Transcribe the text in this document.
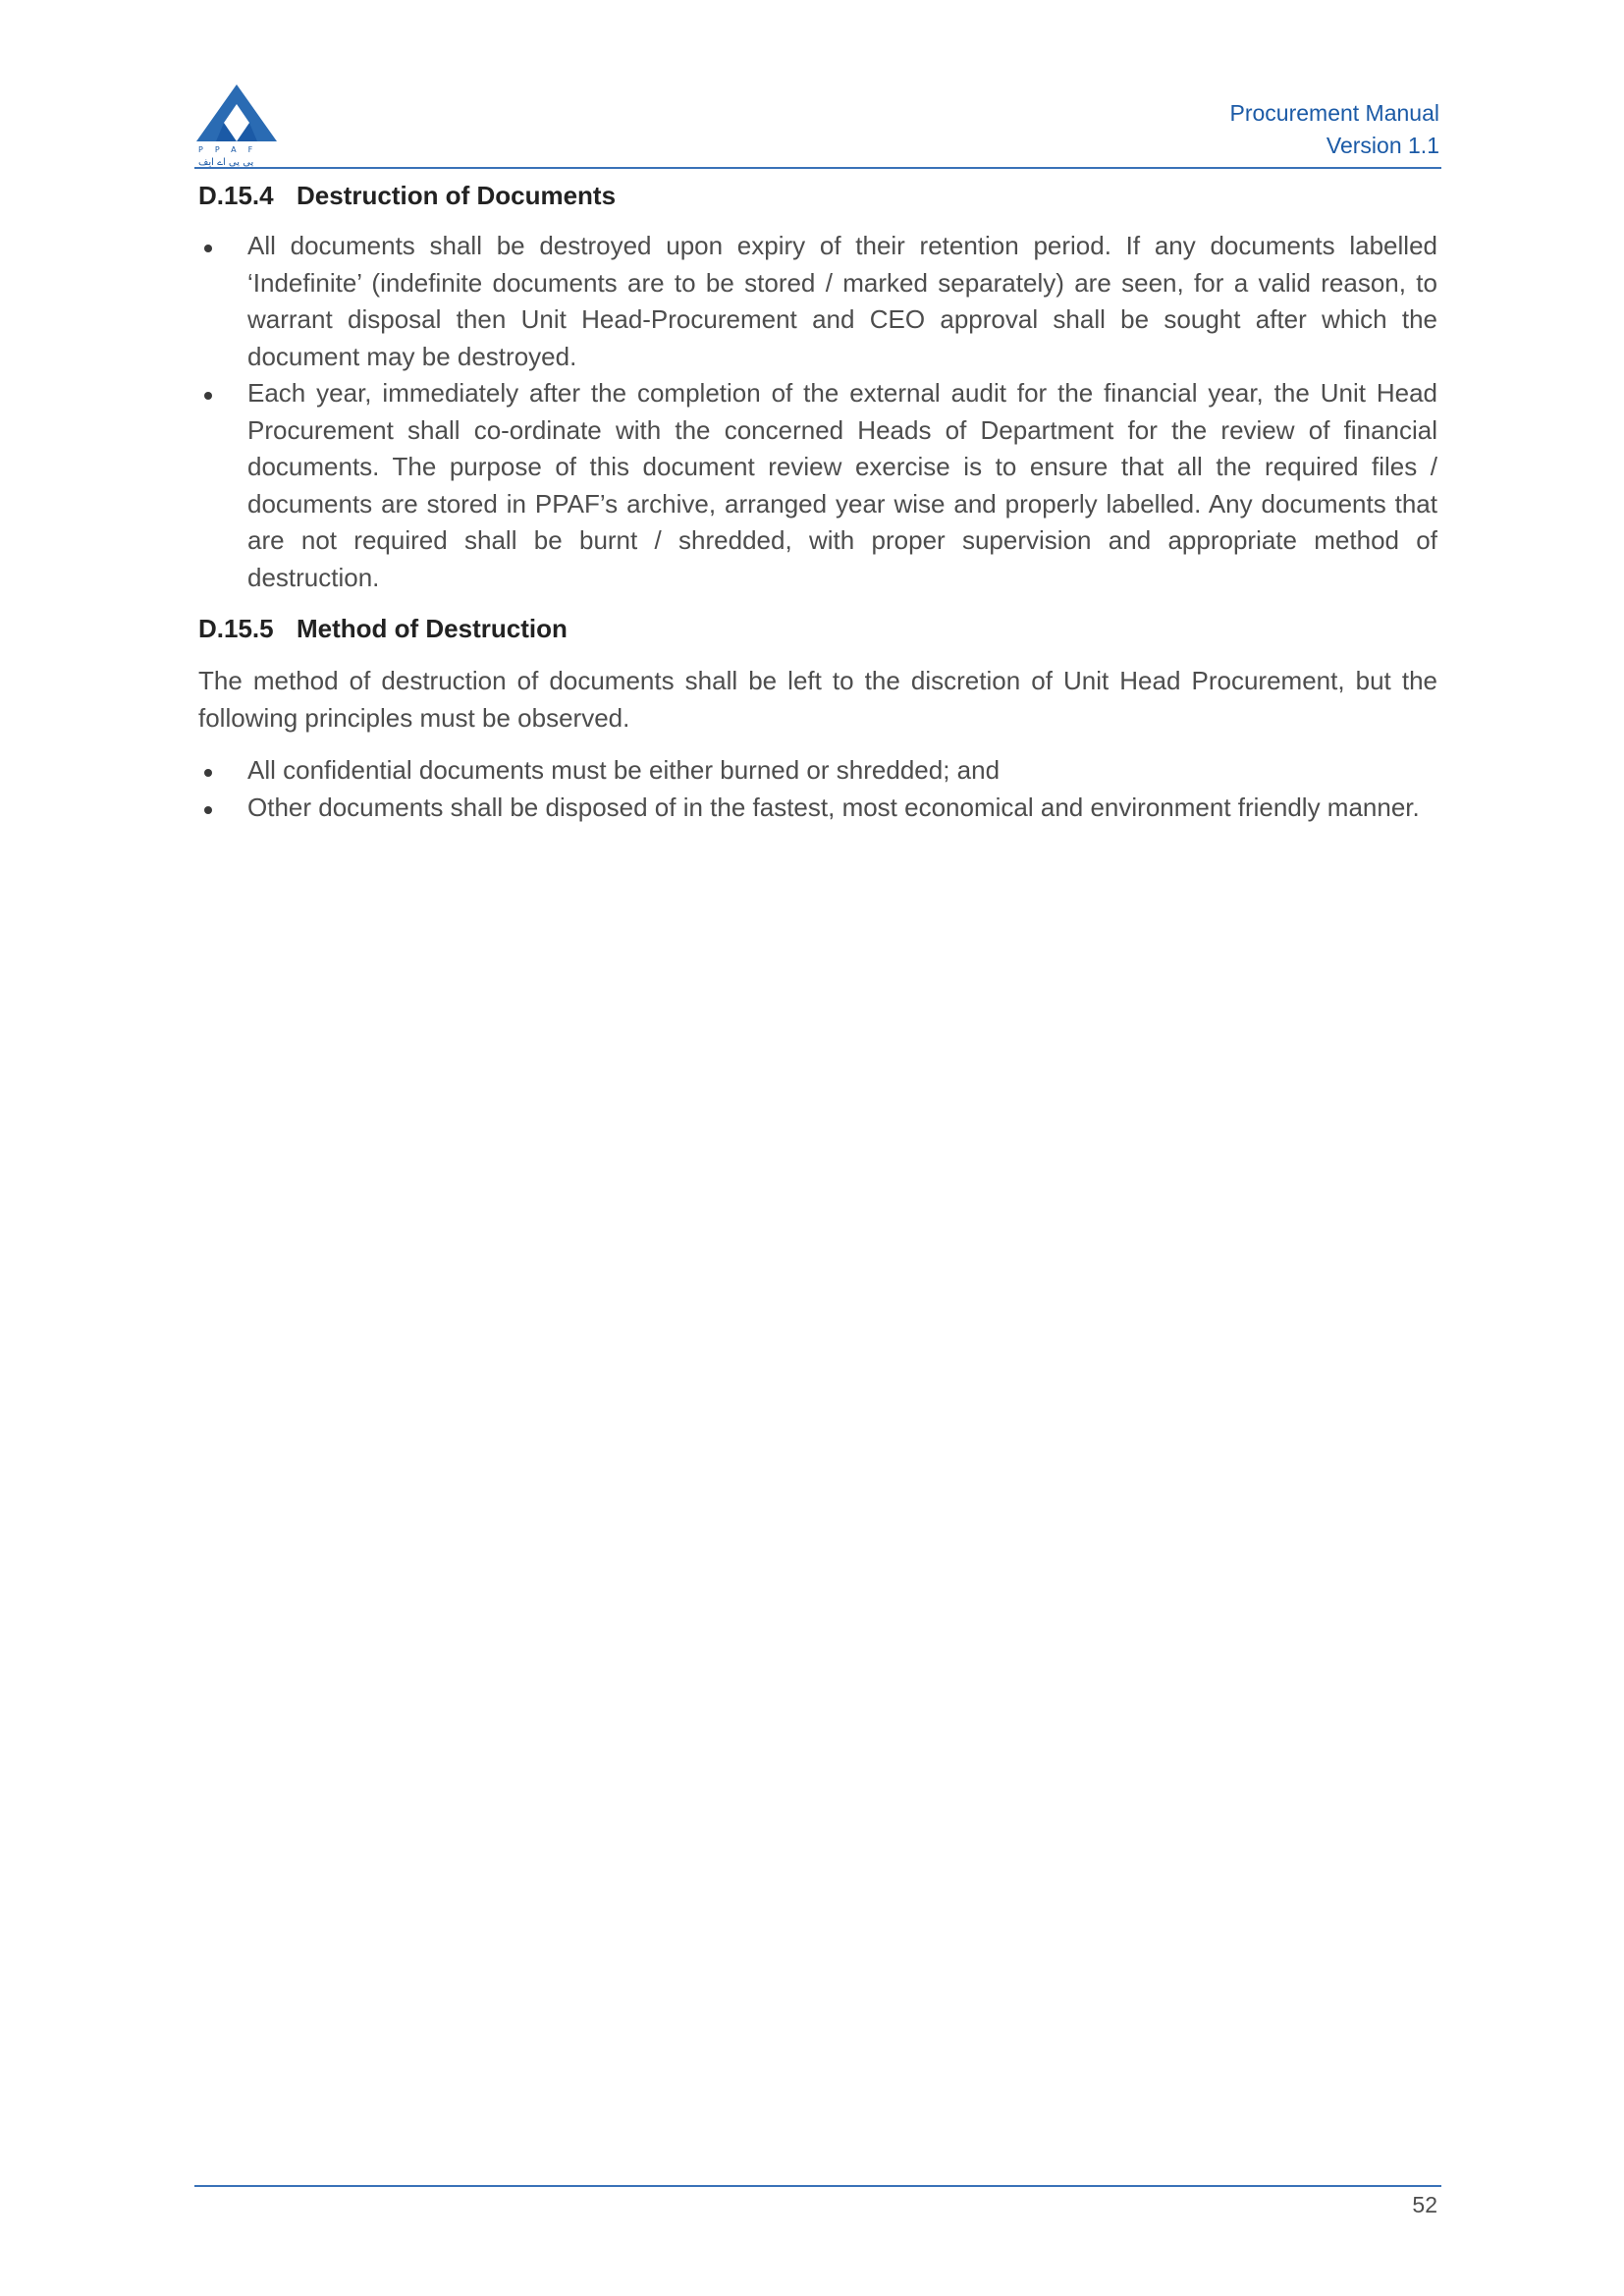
PPAF
پی پی اے ایف
Procurement Manual
Version 1.1
D.15.4 Destruction of Documents
All documents shall be destroyed upon expiry of their retention period. If any documents labelled ‘Indefinite’ (indefinite documents are to be stored / marked separately) are seen, for a valid reason, to warrant disposal then Unit Head-Procurement and CEO approval shall be sought after which the document may be destroyed.
Each year, immediately after the completion of the external audit for the financial year, the Unit Head Procurement shall co-ordinate with the concerned Heads of Department for the review of financial documents. The purpose of this document review exercise is to ensure that all the required files / documents are stored in PPAF’s archive, arranged year wise and properly labelled. Any documents that are not required shall be burnt / shredded, with proper supervision and appropriate method of destruction.
D.15.5 Method of Destruction

The method of destruction of documents shall be left to the discretion of Unit Head Procurement, but the following principles must be observed.

All confidential documents must be either burned or shredded; and
Other documents shall be disposed of in the fastest, most economical and environment friendly manner.
52
